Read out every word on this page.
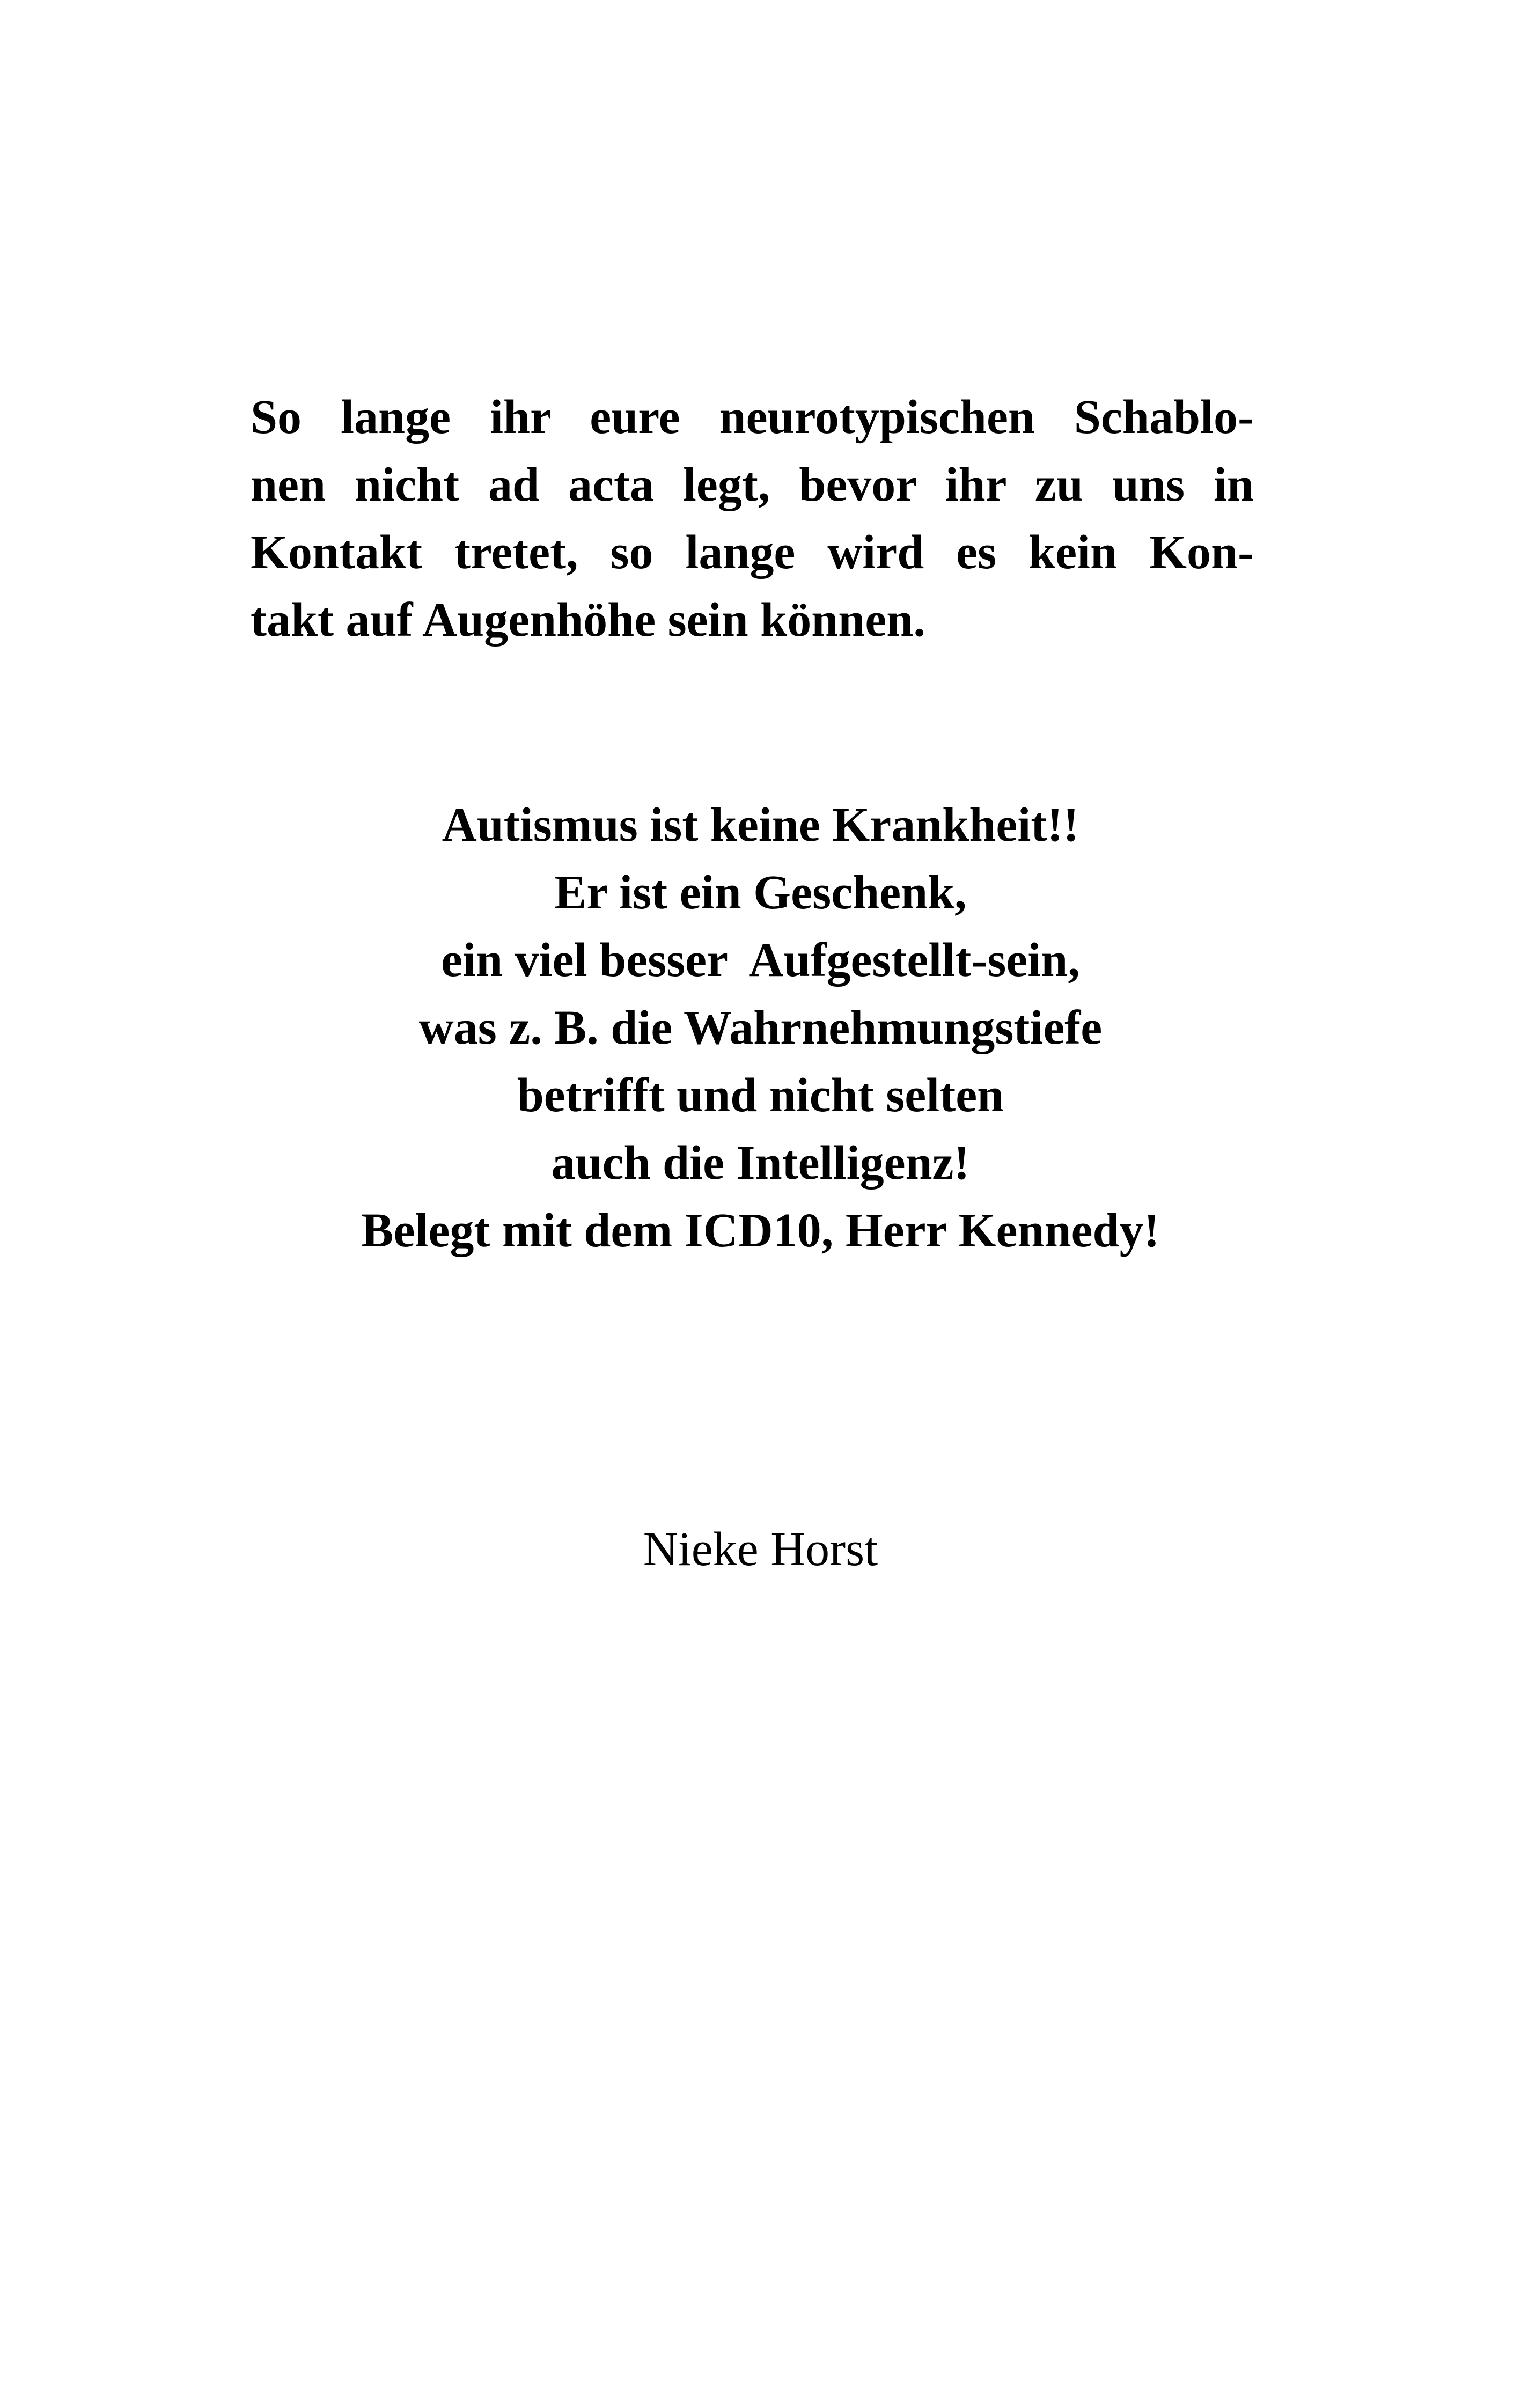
So lange ihr eure neurotypischen Schablo-
nen nicht ad acta legt, bevor ihr zu uns in
Kontakt tretet, so lange wird es kein Kon-
takt auf Augenhöhe sein können.
Autismus ist keine Krankheit!!
Er ist ein Geschenk,
ein viel besser  Aufgestellt-sein,
was z. B. die Wahrnehmungstiefe
betrifft und nicht selten
auch die Intelligenz!
Belegt mit dem ICD10, Herr Kennedy!

Nieke Horst
